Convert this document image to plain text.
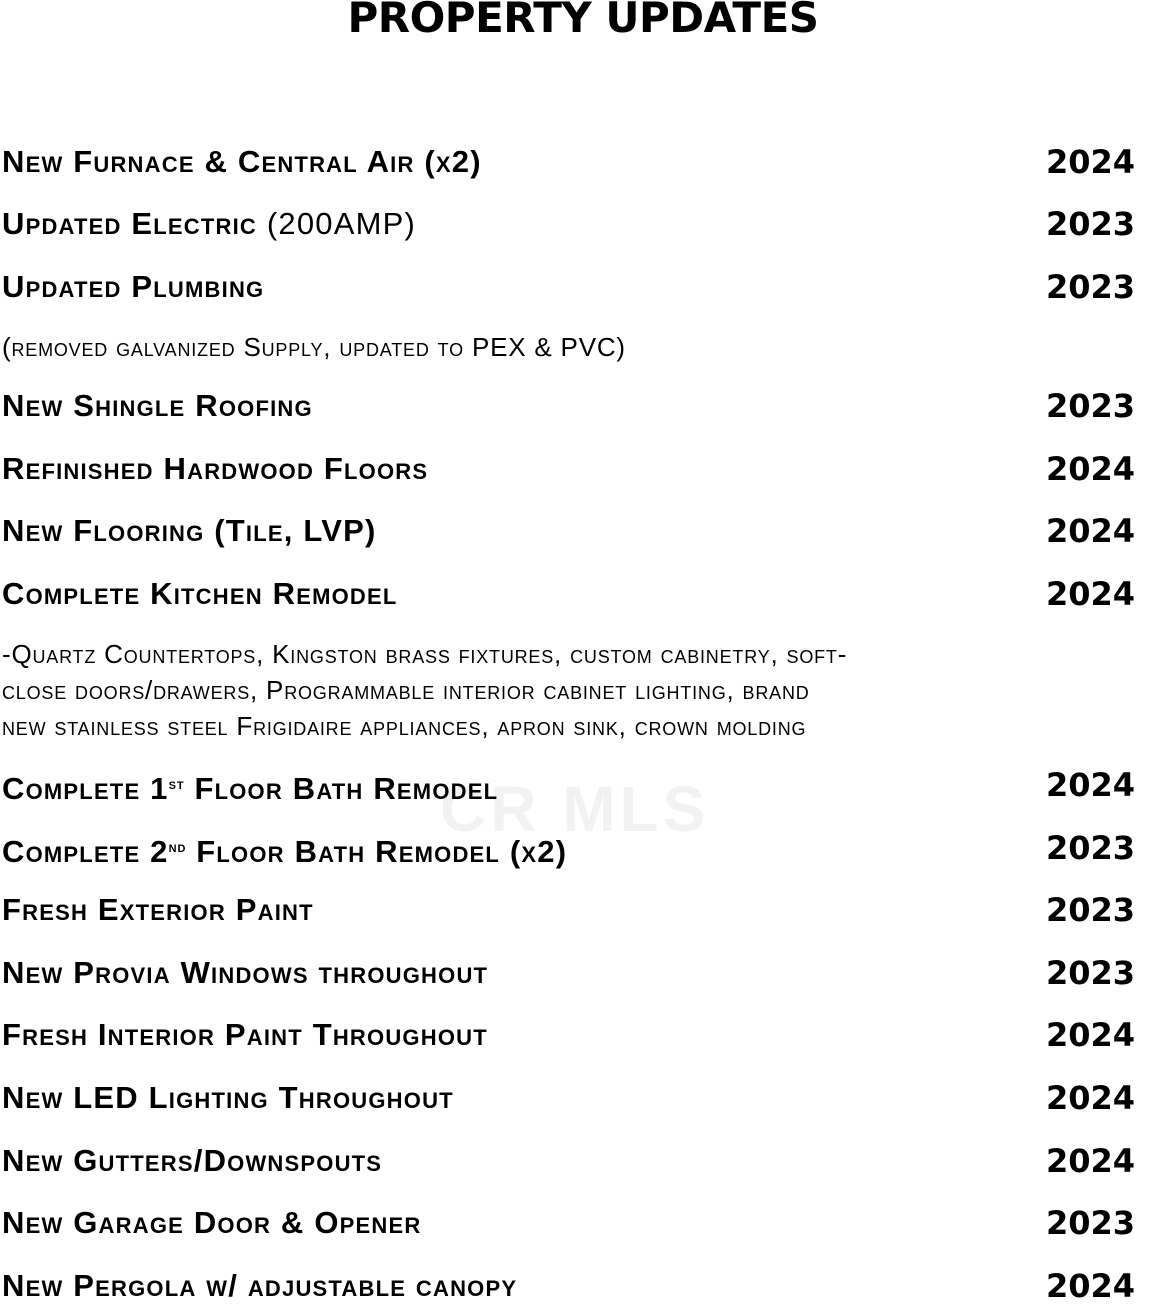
CR MLS
PROPERTY UPDATES
New Furnace & Central Air (x2)	2024
Updated Electric (200AMP)	2023
Updated Plumbing	2023
(removed galvanized Supply, updated to PEX & PVC)
New Shingle Roofing	2023
Refinished Hardwood Floors	2024
New Flooring (Tile, LVP)	2024
Complete Kitchen Remodel	2024
-Quartz Countertops, Kingston brass fixtures, custom cabinetry, soft-
close doors/drawers, Programmable interior cabinet lighting, brand
new stainless steel Frigidaire appliances, apron sink, crown molding
Complete 1st Floor Bath Remodel	2024
Complete 2nd Floor Bath Remodel (x2)	2023
Fresh Exterior Paint	2023
New Provia Windows throughout	2023
Fresh Interior Paint Throughout	2024
New LED Lighting Throughout	2024
New Gutters/Downspouts	2024
New Garage Door & Opener	2023
New Pergola w/ adjustable canopy	2024
